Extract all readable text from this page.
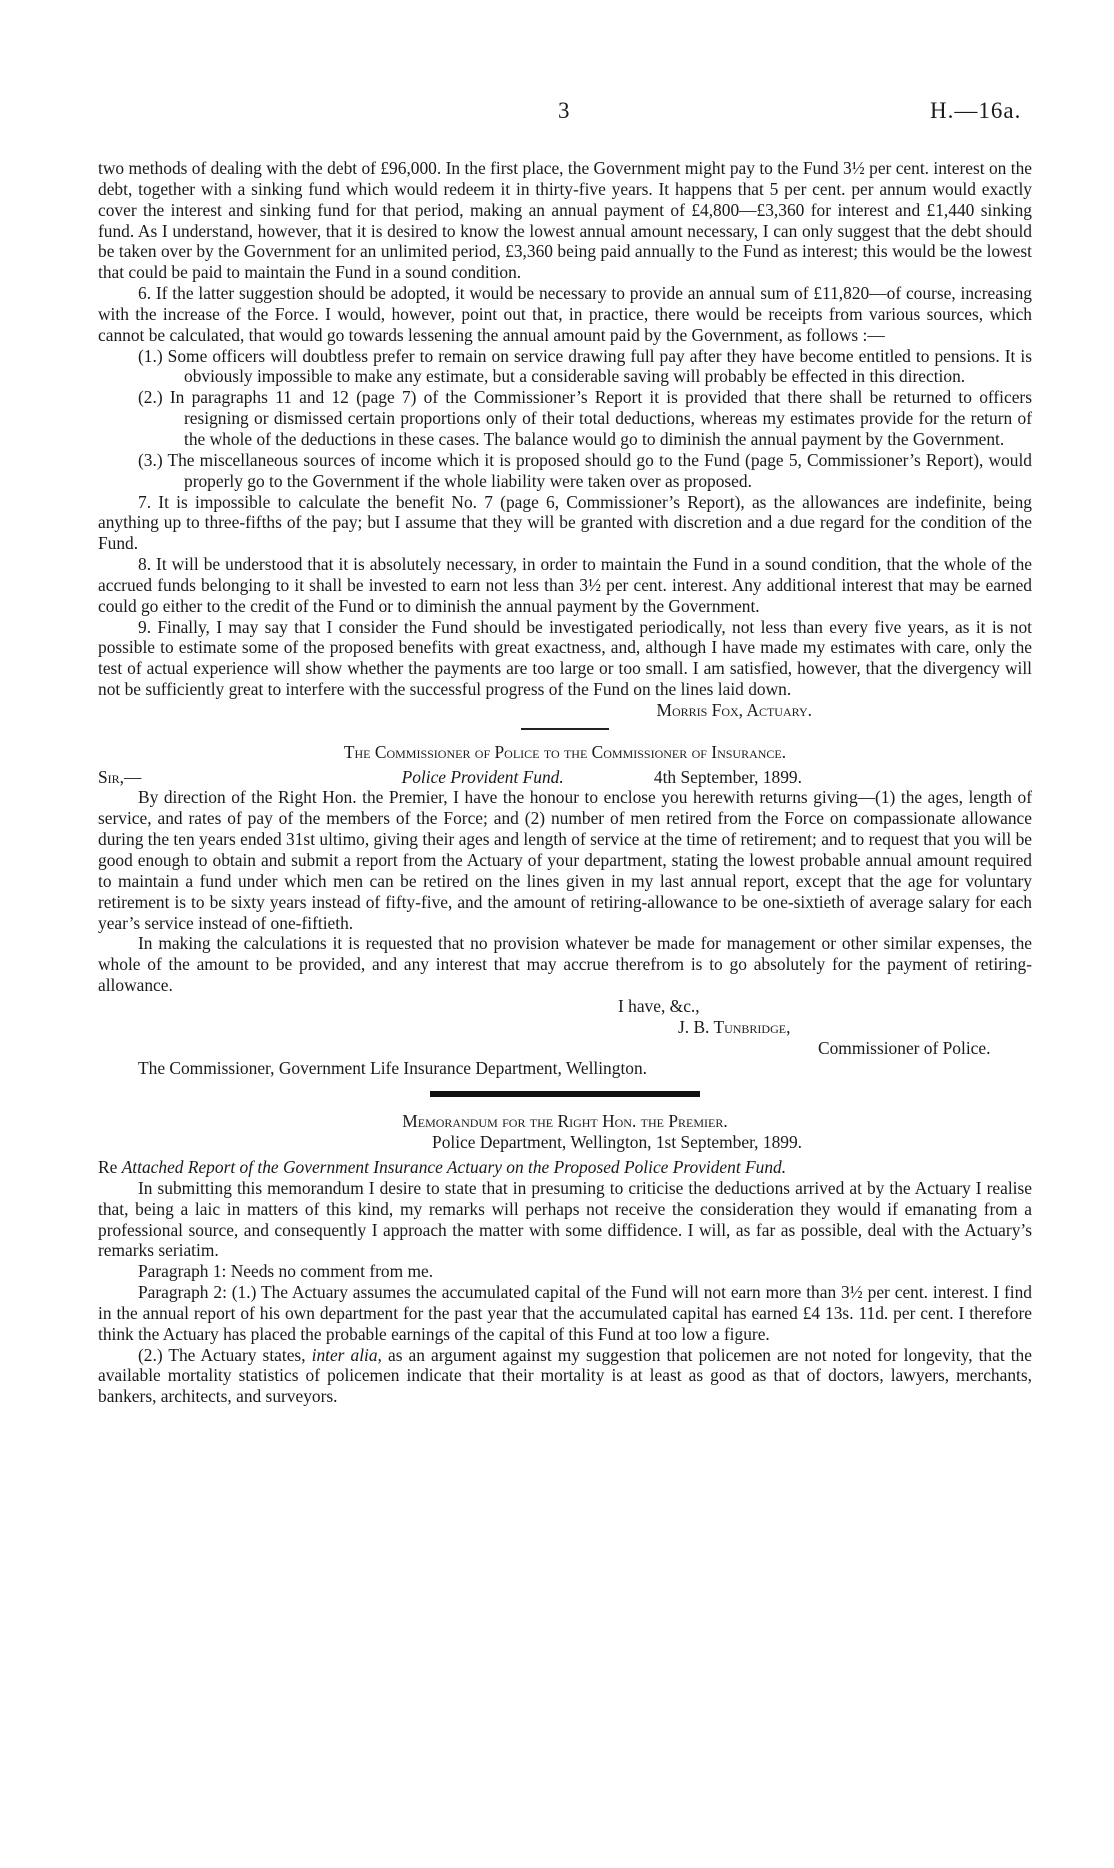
3	H.—16a.

two methods of dealing with the debt of £96,000. In the first place, the Government might pay to the Fund 3½ per cent. interest on the debt, together with a sinking fund which would redeem it in thirty-five years. It happens that 5 per cent. per annum would exactly cover the interest and sinking fund for that period, making an annual payment of £4,800—£3,360 for interest and £1,440 sinking fund. As I understand, however, that it is desired to know the lowest annual amount necessary, I can only suggest that the debt should be taken over by the Government for an unlimited period, £3,360 being paid annually to the Fund as interest; this would be the lowest that could be paid to maintain the Fund in a sound condition.

6. If the latter suggestion should be adopted, it would be necessary to provide an annual sum of £11,820—of course, increasing with the increase of the Force. I would, however, point out that, in practice, there would be receipts from various sources, which cannot be calculated, that would go towards lessening the annual amount paid by the Government, as follows :—

(1.) Some officers will doubtless prefer to remain on service drawing full pay after they have become entitled to pensions. It is obviously impossible to make any estimate, but a considerable saving will probably be effected in this direction.

(2.) In paragraphs 11 and 12 (page 7) of the Commissioner’s Report it is provided that there shall be returned to officers resigning or dismissed certain proportions only of their total deductions, whereas my estimates provide for the return of the whole of the deductions in these cases. The balance would go to diminish the annual payment by the Government.

(3.) The miscellaneous sources of income which it is proposed should go to the Fund (page 5, Commissioner’s Report), would properly go to the Government if the whole liability were taken over as proposed.

7. It is impossible to calculate the benefit No. 7 (page 6, Commissioner’s Report), as the allowances are indefinite, being anything up to three-fifths of the pay; but I assume that they will be granted with discretion and a due regard for the condition of the Fund.

8. It will be understood that it is absolutely necessary, in order to maintain the Fund in a sound condition, that the whole of the accrued funds belonging to it shall be invested to earn not less than 3½ per cent. interest. Any additional interest that may be earned could go either to the credit of the Fund or to diminish the annual payment by the Government.

9. Finally, I may say that I consider the Fund should be investigated periodically, not less than every five years, as it is not possible to estimate some of the proposed benefits with great exactness, and, although I have made my estimates with care, only the test of actual experience will show whether the payments are too large or too small. I am satisfied, however, that the divergency will not be sufficiently great to interfere with the successful progress of the Fund on the lines laid down.

Morris Fox, Actuary.

The Commissioner of Police to the Commissioner of Insurance.

Sir,—	Police Provident Fund.	4th September, 1899.

By direction of the Right Hon. the Premier, I have the honour to enclose you herewith returns giving—(1) the ages, length of service, and rates of pay of the members of the Force; and (2) number of men retired from the Force on compassionate allowance during the ten years ended 31st ultimo, giving their ages and length of service at the time of retirement; and to request that you will be good enough to obtain and submit a report from the Actuary of your department, stating the lowest probable annual amount required to maintain a fund under which men can be retired on the lines given in my last annual report, except that the age for voluntary retirement is to be sixty years instead of fifty-five, and the amount of retiring-allowance to be one-sixtieth of average salary for each year’s service instead of one-fiftieth.

In making the calculations it is requested that no provision whatever be made for management or other similar expenses, the whole of the amount to be provided, and any interest that may accrue therefrom is to go absolutely for the payment of retiring-allowance.

I have, &c.,

J. B. Tunbridge,

Commissioner of Police.

The Commissioner, Government Life Insurance Department, Wellington.

Memorandum for the Right Hon. the Premier.

Police Department, Wellington, 1st September, 1899.

Re Attached Report of the Government Insurance Actuary on the Proposed Police Provident Fund.

In submitting this memorandum I desire to state that in presuming to criticise the deductions arrived at by the Actuary I realise that, being a laic in matters of this kind, my remarks will perhaps not receive the consideration they would if emanating from a professional source, and consequently I approach the matter with some diffidence. I will, as far as possible, deal with the Actuary’s remarks seriatim.

Paragraph 1: Needs no comment from me.

Paragraph 2: (1.) The Actuary assumes the accumulated capital of the Fund will not earn more than 3½ per cent. interest. I find in the annual report of his own department for the past year that the accumulated capital has earned £4 13s. 11d. per cent. I therefore think the Actuary has placed the probable earnings of the capital of this Fund at too low a figure.

(2.) The Actuary states, inter alia, as an argument against my suggestion that policemen are not noted for longevity, that the available mortality statistics of policemen indicate that their mortality is at least as good as that of doctors, lawyers, merchants, bankers, architects, and surveyors.
